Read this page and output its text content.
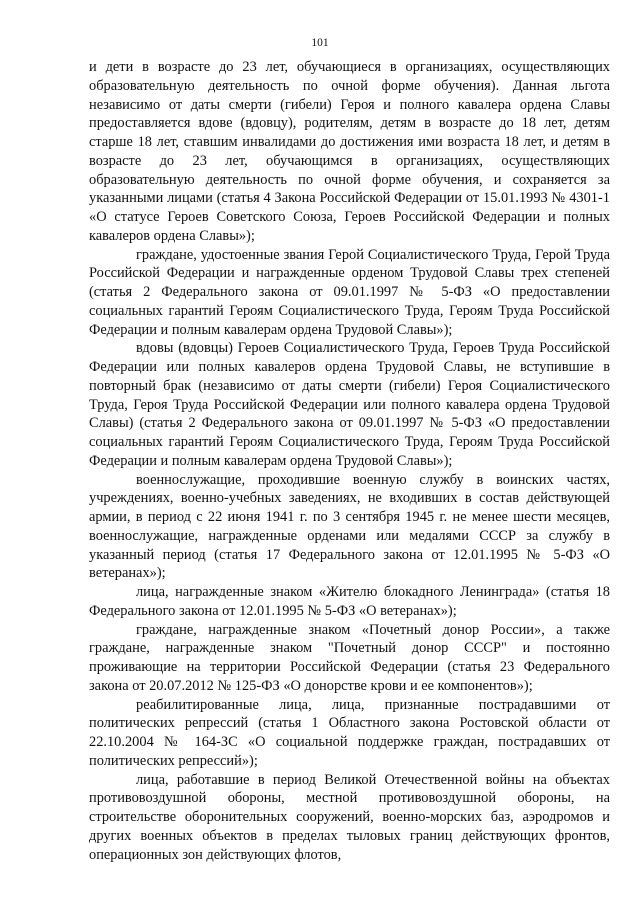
101

и дети в возрасте до 23 лет, обучающиеся в организациях, осуществляющих образовательную деятельность по очной форме обучения). Данная льгота независимо от даты смерти (гибели) Героя и полного кавалера ордена Славы предоставляется вдове (вдовцу), родителям, детям в возрасте до 18 лет, детям старше 18 лет, ставшим инвалидами до достижения ими возраста 18 лет, и детям в возрасте до 23 лет, обучающимся в организациях, осуществляющих образовательную деятельность по очной форме обучения, и сохраняется за указанными лицами (статья 4 Закона Российской Федерации от 15.01.1993 № 4301-1 «О статусе Героев Советского Союза, Героев Российской Федерации и полных кавалеров ордена Славы»);

граждане, удостоенные звания Герой Социалистического Труда, Герой Труда Российской Федерации и награжденные орденом Трудовой Славы трех степеней (статья 2 Федерального закона от 09.01.1997 № 5-ФЗ «О предоставлении социальных гарантий Героям Социалистического Труда, Героям Труда Российской Федерации и полным кавалерам ордена Трудовой Славы»);

вдовы (вдовцы) Героев Социалистического Труда, Героев Труда Российской Федерации или полных кавалеров ордена Трудовой Славы, не вступившие в повторный брак (независимо от даты смерти (гибели) Героя Социалистического Труда, Героя Труда Российской Федерации или полного кавалера ордена Трудовой Славы) (статья 2 Федерального закона от 09.01.1997 № 5-ФЗ «О предоставлении социальных гарантий Героям Социалистического Труда, Героям Труда Российской Федерации и полным кавалерам ордена Трудовой Славы»);

военнослужащие, проходившие военную службу в воинских частях, учреждениях, военно-учебных заведениях, не входивших в состав действующей армии, в период с 22 июня 1941 г. по 3 сентября 1945 г. не менее шести месяцев, военнослужащие, награжденные орденами или медалями СССР за службу в указанный период (статья 17 Федерального закона от 12.01.1995 № 5-ФЗ «О ветеранах»);

лица, награжденные знаком «Жителю блокадного Ленинграда» (статья 18 Федерального закона от 12.01.1995 № 5-ФЗ «О ветеранах»);

граждане, награжденные знаком «Почетный донор России», а также граждане, награжденные знаком "Почетный донор СССР" и постоянно проживающие на территории Российской Федерации (статья 23 Федерального закона от 20.07.2012 № 125-ФЗ «О донорстве крови и ее компонентов»);

реабилитированные лица, лица, признанные пострадавшими от политических репрессий (статья 1 Областного закона Ростовской области от 22.10.2004 № 164-ЗС «О социальной поддержке граждан, пострадавших от политических репрессий»);

лица, работавшие в период Великой Отечественной войны на объектах противовоздушной обороны, местной противовоздушной обороны, на строительстве оборонительных сооружений, военно-морских баз, аэродромов и других военных объектов в пределах тыловых границ действующих фронтов, операционных зон действующих флотов,
